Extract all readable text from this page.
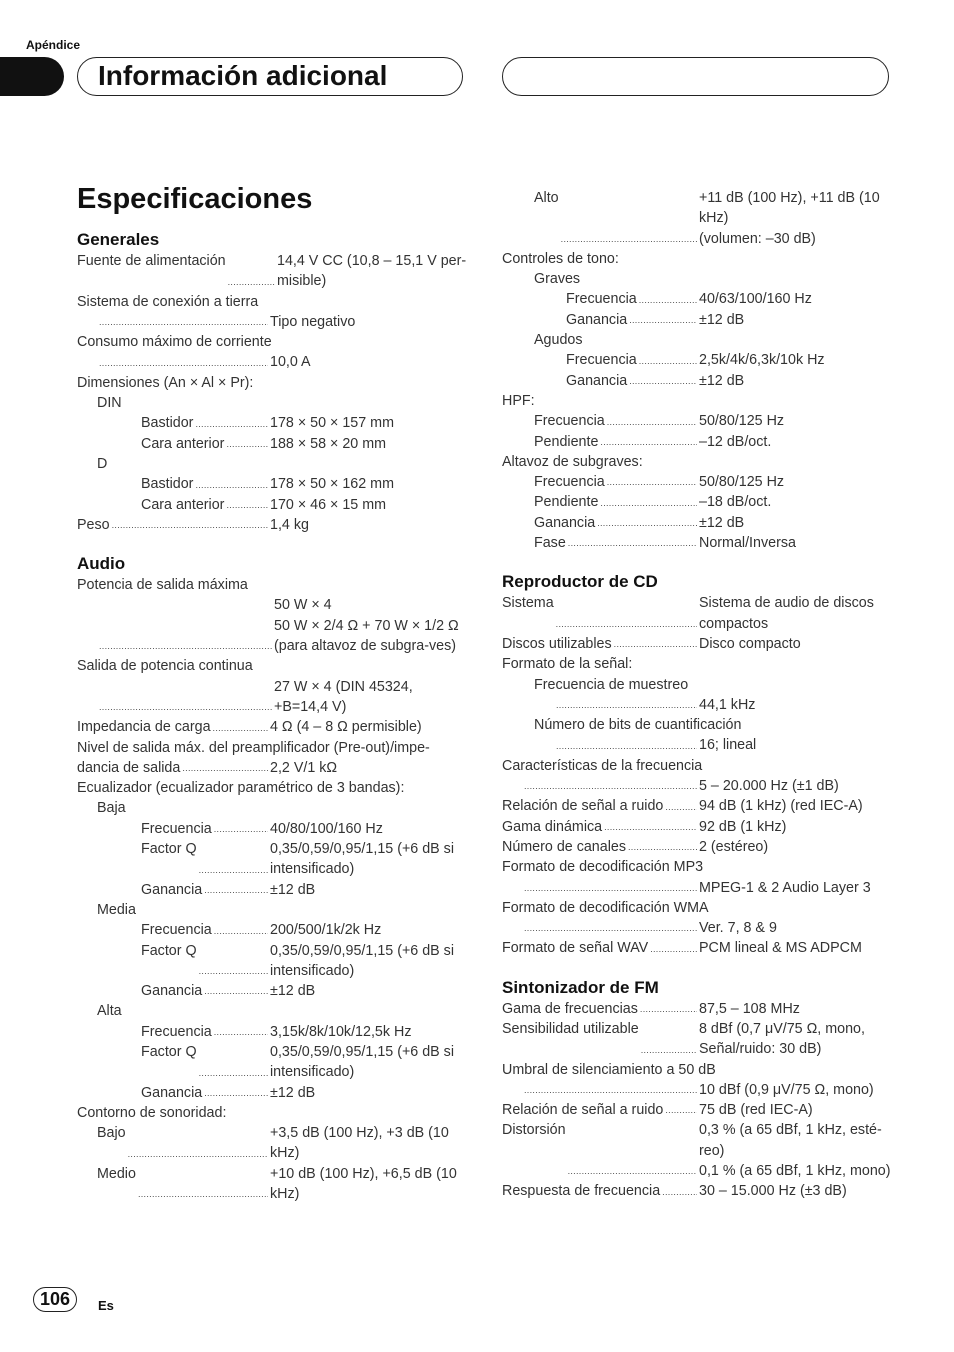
Apéndice
Información adicional
Especificaciones
Generales
Fuente de alimentación .....	14,4 V CC (10,8 – 15,1 V per-misible)
Sistema de conexión a tierra
.....
Tipo negativo
Consumo máximo de corriente
.....
10,0 A
Dimensiones (An × Al × Pr):
DIN
Bastidor .....	178 × 50 × 157 mm
Cara anterior .....	188 × 58 × 20 mm
D
Bastidor .....	178 × 50 × 162 mm
Cara anterior .....	170 × 46 × 15 mm
Peso .....	1,4 kg
Audio
Potencia de salida máxima
.....
50 W × 4
50 W × 2/4 Ω + 70 W × 1/2 Ω (para altavoz de subgra-ves)
Salida de potencia continua
.....
27 W × 4 (DIN 45324, +B=14,4 V)
Impedancia de carga .....	4 Ω (4 – 8 Ω permisible)
Nivel de salida máx. del preamplificador (Pre-out)/impe-
dancia de salida .....	2,2 V/1 kΩ
Ecualizador (ecualizador paramétrico de 3 bandas):
Baja
Frecuencia .....	40/80/100/160 Hz
Factor Q .....	0,35/0,59/0,95/1,15 (+6 dB si intensificado)
Ganancia .....	±12 dB
Media
Frecuencia .....	200/500/1k/2k Hz
Factor Q .....	0,35/0,59/0,95/1,15 (+6 dB si intensificado)
Ganancia .....	±12 dB
Alta
Frecuencia .....	3,15k/8k/10k/12,5k Hz
Factor Q .....	0,35/0,59/0,95/1,15 (+6 dB si intensificado)
Ganancia .....	±12 dB
Contorno de sonoridad:
Bajo .....	+3,5 dB (100 Hz), +3 dB (10 kHz)
Medio .....	+10 dB (100 Hz), +6,5 dB (10 kHz)
Alto .....	+11 dB (100 Hz), +11 dB (10 kHz)
(volumen: –30 dB)
Controles de tono:
Graves
Frecuencia .....	40/63/100/160 Hz
Ganancia .....	±12 dB
Agudos
Frecuencia .....	2,5k/4k/6,3k/10k Hz
Ganancia .....	±12 dB
HPF:
Frecuencia .....	50/80/125 Hz
Pendiente .....	–12 dB/oct.
Altavoz de subgraves:
Frecuencia .....	50/80/125 Hz
Pendiente .....	–18 dB/oct.
Ganancia .....	±12 dB
Fase .....	Normal/Inversa
Reproductor de CD
Sistema .....	Sistema de audio de discos compactos
Discos utilizables .....	Disco compacto
Formato de la señal:
Frecuencia de muestreo
.....
44,1 kHz
Número de bits de cuantificación
.....
16; lineal
Características de la frecuencia
.....
5 – 20.000 Hz (±1 dB)
Relación de señal a ruido ..... 94 dB (1 kHz) (red IEC-A)
Gama dinámica .....	92 dB (1 kHz)
Número de canales .....	2 (estéreo)
Formato de decodificación MP3
.....
MPEG-1 & 2 Audio Layer 3
Formato de decodificación WMA
.....
Ver. 7, 8 & 9
Formato de señal WAV .....	PCM lineal & MS ADPCM
Sintonizador de FM
Gama de frecuencias .....	87,5 – 108 MHz
Sensibilidad utilizable .....	8 dBf (0,7 μV/75 Ω, mono, Señal/ruido: 30 dB)
Umbral de silenciamiento a 50 dB
.....
10 dBf (0,9 μV/75 Ω, mono)
Relación de señal a ruido ..... 75 dB (red IEC-A)
Distorsión .....	0,3 % (a 65 dBf, 1 kHz, esté-reo)
0,1 % (a 65 dBf, 1 kHz, mono)
Respuesta de frecuencia .....	30 – 15.000 Hz (±3 dB)
106	Es
